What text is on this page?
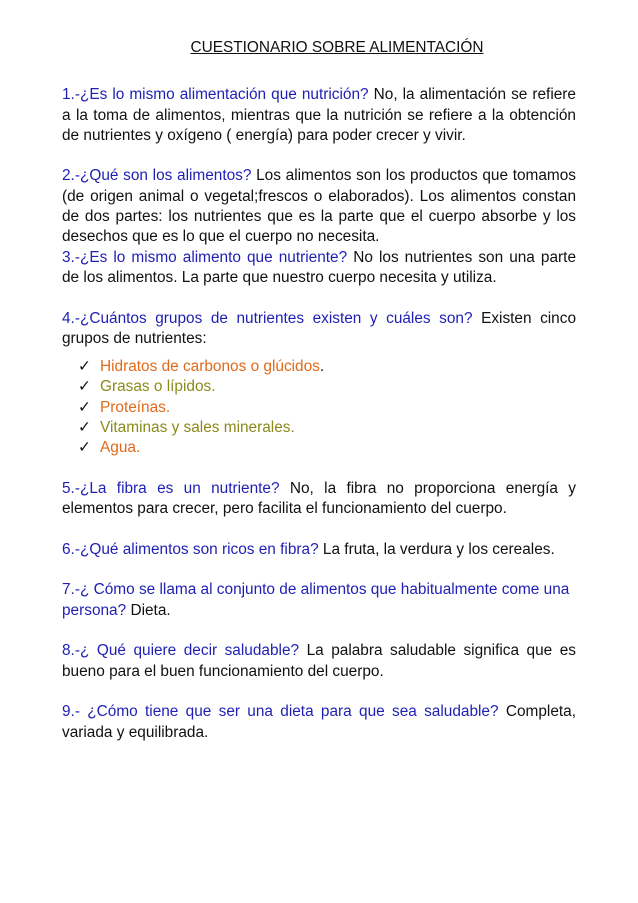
CUESTIONARIO SOBRE ALIMENTACIÓN

1.-¿Es lo mismo alimentación que nutrición? No, la alimentación se refiere a la toma de alimentos, mientras que la nutrición se refiere a la obtención de nutrientes y oxígeno ( energía) para poder crecer y vivir.

2.-¿Qué son los alimentos? Los alimentos son los productos que tomamos (de origen animal o vegetal;frescos o elaborados). Los alimentos constan de dos partes: los nutrientes que es la parte que el cuerpo absorbe y los desechos que es lo que el cuerpo no necesita.

3.-¿Es lo mismo alimento que nutriente? No los nutrientes son una parte de los alimentos. La parte que nuestro cuerpo necesita y utiliza.

4.-¿Cuántos grupos de nutrientes existen y cuáles son? Existen cinco grupos de nutrientes:

✓ Hidratos de carbonos o glúcidos.
✓ Grasas o lípidos.
✓ Proteínas.
✓ Vitaminas y sales minerales.
✓ Agua.

5.-¿La fibra es un nutriente? No, la fibra no proporciona energía y elementos para crecer, pero facilita el funcionamiento del cuerpo.

6.-¿Qué alimentos son ricos en fibra? La fruta, la verdura y los cereales.

7.-¿ Cómo se llama al conjunto de alimentos que habitualmente come una persona? Dieta.

8.-¿ Qué quiere decir saludable? La palabra saludable significa que es bueno para el buen funcionamiento del cuerpo.

9.- ¿Cómo tiene que ser una dieta para que sea saludable? Completa, variada y equilibrada.
